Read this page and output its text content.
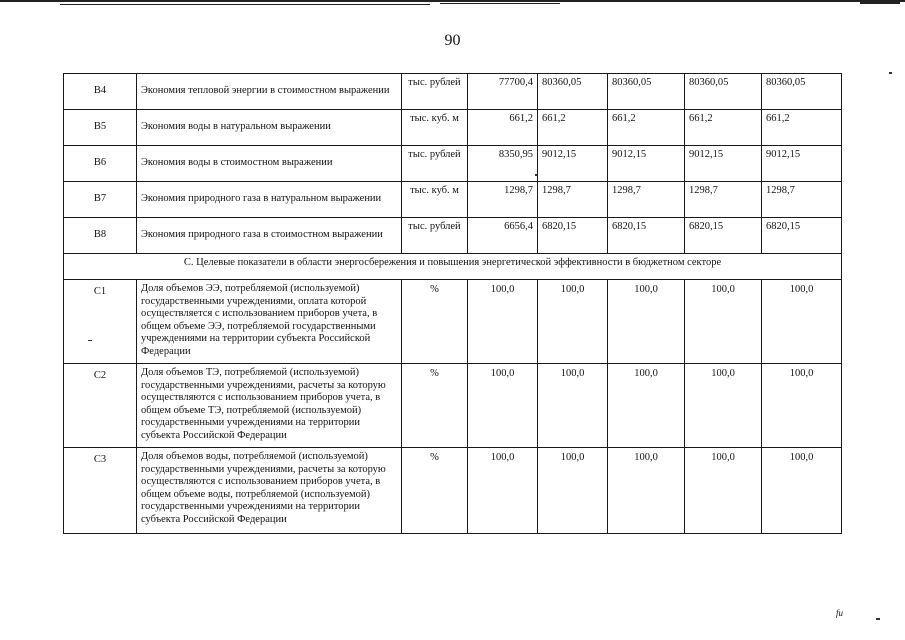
90
В4	Экономия тепловой энергии в стоимостном выражении	тыс. рублей	77700,4	80360,05	80360,05	80360,05	80360,05
В5	Экономия воды в натуральном выражении	тыс. куб. м	661,2	661,2	661,2	661,2	661,2
В6	Экономия воды в стоимостном выражении	тыс. рублей	8350,95	9012,15	9012,15	9012,15	9012,15
В7	Экономия природного газа в натуральном выражении	тыс. куб. м	1298,7	1298,7	1298,7	1298,7	1298,7
В8	Экономия природного газа в стоимостном выражении	тыс. рублей	6656,4	6820,15	6820,15	6820,15	6820,15
С. Целевые показатели в области энергосбережения и повышения энергетической эффективности в бюджетном секторе							
С1	Доля объемов ЭЭ, потребляемой (используемой) государственными учреждениями, оплата которой осуществляется с использованием приборов учета, в общем объеме ЭЭ, потребляемой государственными учреждениями на территории субъекта Российской Федерации	%	100,0	100,0	100,0	100,0	100,0
С2	Доля объемов ТЭ, потребляемой (используемой) государственными учреждениями, расчеты за которую осуществляются с использованием приборов учета, в общем объеме ТЭ, потребляемой (используемой) государственными учреждениями на территории субъекта Российской Федерации	%	100,0	100,0	100,0	100,0	100,0
С3	Доля объемов воды, потребляемой (используемой) государственными учреждениями, расчеты за которую осуществляются с использованием приборов учета, в общем объеме воды, потребляемой (используемой) государственными учреждениями на территории субъекта Российской Федерации	%	100,0	100,0	100,0	100,0	100,0
fu
